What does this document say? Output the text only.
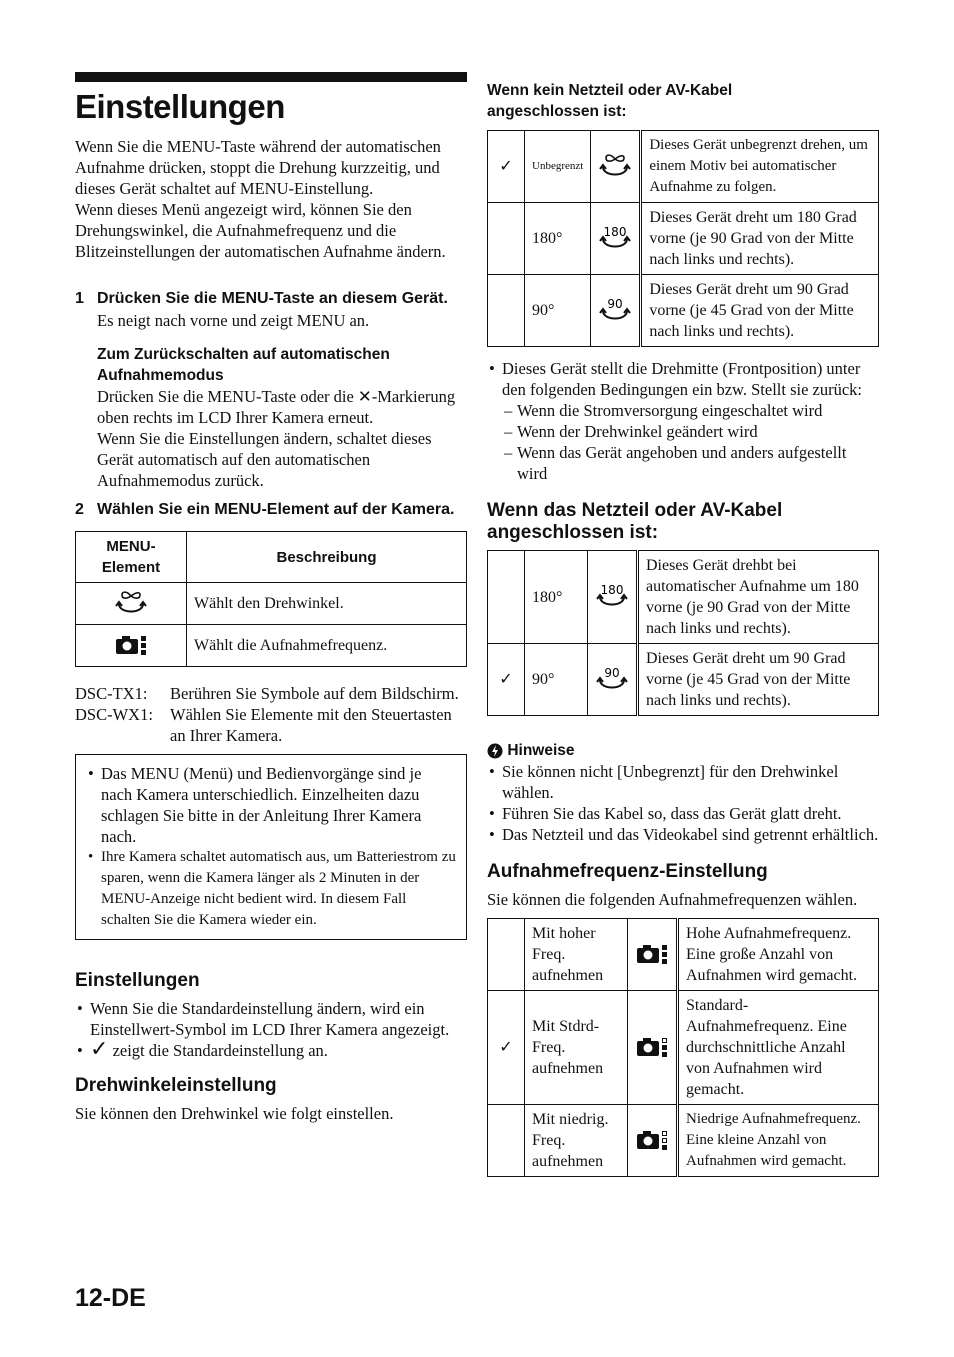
Einstellungen

Wenn Sie die MENU-Taste während der automatischen Aufnahme drücken, stoppt die Drehung kurzzeitig, und dieses Gerät schaltet auf MENU-Einstellung.

Wenn dieses Menü angezeigt wird, können Sie den Drehungswinkel, die Aufnahmefrequenz und die Blitzeinstellungen der automatischen Aufnahme ändern.

1 Drücken Sie die MENU-Taste an diesem Gerät.

Es neigt nach vorne und zeigt MENU an.

Zum Zurückschalten auf automatischen Aufnahmemodus

Drücken Sie die MENU-Taste oder die ✕-Markierung oben rechts im LCD Ihrer Kamera erneut.

Wenn Sie die Einstellungen ändern, schaltet dieses Gerät automatisch auf den automatischen Aufnahmemodus zurück.

2 Wählen Sie ein MENU-Element auf der Kamera.
MENU-Element	Beschreibung
	Wählt den Drehwinkel.
	Wählt die Aufnahmefrequenz.
DSC-TX1:	Berühren Sie Symbole auf dem Bildschirm.
DSC-WX1:	Wählen Sie Elemente mit den Steuertasten an Ihrer Kamera.
• Das MENU (Menü) und Bedienvorgänge sind je nach Kamera unterschiedlich. Einzelheiten dazu schlagen Sie bitte in der Anleitung Ihrer Kamera nach.
• Ihre Kamera schaltet automatisch aus, um Batteriestrom zu sparen, wenn die Kamera länger als 2 Minuten in der MENU-Anzeige nicht bedient wird. In diesem Fall schalten Sie die Kamera wieder ein.
Einstellungen
• Wenn Sie die Standardeinstellung ändern, wird ein Einstellwert-Symbol im LCD Ihrer Kamera angezeigt.
• ✓ zeigt die Standardeinstellung an.
Drehwinkeleinstellung

Sie können den Drehwinkel wie folgt einstellen.

Wenn kein Netzteil oder AV-Kabel angeschlossen ist:
✓	Unbegrenzt		Dieses Gerät unbegrenzt drehen, um einem Motiv bei automatischer Aufnahme zu folgen.
	180°	180	Dieses Gerät dreht um 180 Grad vorne (je 90 Grad von der Mitte nach links und rechts).
	90°	90	Dieses Gerät dreht um 90 Grad vorne (je 45 Grad von der Mitte nach links und rechts).
• Dieses Gerät stellt die Drehmitte (Frontposition) unter den folgenden Bedingungen ein bzw. Stellt sie zurück:
– Wenn die Stromversorgung eingeschaltet wird
– Wenn der Drehwinkel geändert wird
– Wenn das Gerät angehoben und anders aufgestellt wird
Wenn das Netzteil oder AV-Kabel angeschlossen ist:
	180°	180	Dieses Gerät drehbt bei automatischer Aufnahme um 180 vorne (je 90 Grad von der Mitte nach links und rechts).
✓	90°	90	Dieses Gerät dreht um 90 Grad vorne (je 45 Grad von der Mitte nach links und rechts).
Hinweise
• Sie können nicht [Unbegrenzt] für den Drehwinkel wählen.
• Führen Sie das Kabel so, dass das Gerät glatt dreht.
• Das Netzteil und das Videokabel sind getrennt erhältlich.
Aufnahmefrequenz-Einstellung

Sie können die folgenden Aufnahmefrequenzen wählen.

	Mit hoher Freq. aufnehmen		Hohe Aufnahmefrequenz. Eine große Anzahl von Aufnahmen wird gemacht.
✓	Mit Stdrd-Freq. aufnehmen		Standard-Aufnahmefrequenz. Eine durchschnittliche Anzahl von Aufnahmen wird gemacht.
	Mit niedrig. Freq. aufnehmen		Niedrige Aufnahmefrequenz. Eine kleine Anzahl von Aufnahmen wird gemacht.
12-DE
